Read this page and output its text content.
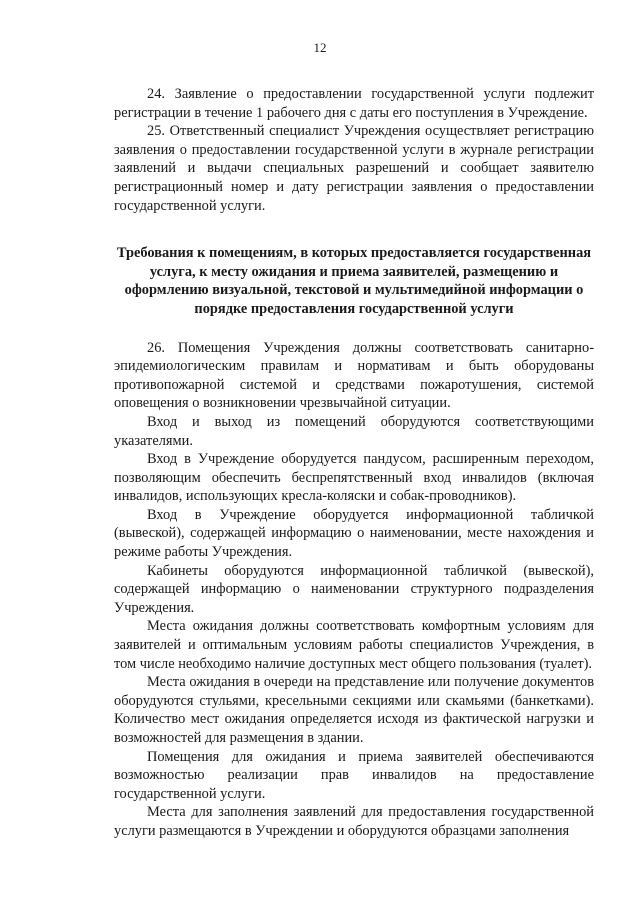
12

24. Заявление о предоставлении государственной услуги подлежит регистрации в течение 1 рабочего дня с даты его поступления в Учреждение.

25. Ответственный специалист Учреждения осуществляет регистрацию заявления о предоставлении государственной услуги в журнале регистрации заявлений и выдачи специальных разрешений и сообщает заявителю регистрационный номер и дату регистрации заявления о предоставлении государственной услуги.

Требования к помещениям, в которых предоставляется государственная услуга, к месту ожидания и приема заявителей, размещению и оформлению визуальной, текстовой и мультимедийной информации о порядке предоставления государственной услуги

26. Помещения Учреждения должны соответствовать санитарно-эпидемиологическим правилам и нормативам и быть оборудованы противопожарной системой и средствами пожаротушения, системой оповещения о возникновении чрезвычайной ситуации.

Вход и выход из помещений оборудуются соответствующими указателями.

Вход в Учреждение оборудуется пандусом, расширенным переходом, позволяющим обеспечить беспрепятственный вход инвалидов (включая инвалидов, использующих кресла-коляски и собак-проводников).

Вход в Учреждение оборудуется информационной табличкой (вывеской), содержащей информацию о наименовании, месте нахождения и режиме работы Учреждения.

Кабинеты оборудуются информационной табличкой (вывеской), содержащей информацию о наименовании структурного подразделения Учреждения.

Места ожидания должны соответствовать комфортным условиям для заявителей и оптимальным условиям работы специалистов Учреждения, в том числе необходимо наличие доступных мест общего пользования (туалет).

Места ожидания в очереди на представление или получение документов оборудуются стульями, кресельными секциями или скамьями (банкетками). Количество мест ожидания определяется исходя из фактической нагрузки и возможностей для размещения в здании.

Помещения для ожидания и приема заявителей обеспечиваются возможностью реализации прав инвалидов на предоставление государственной услуги.

Места для заполнения заявлений для предоставления государственной услуги размещаются в Учреждении и оборудуются образцами заполнения
